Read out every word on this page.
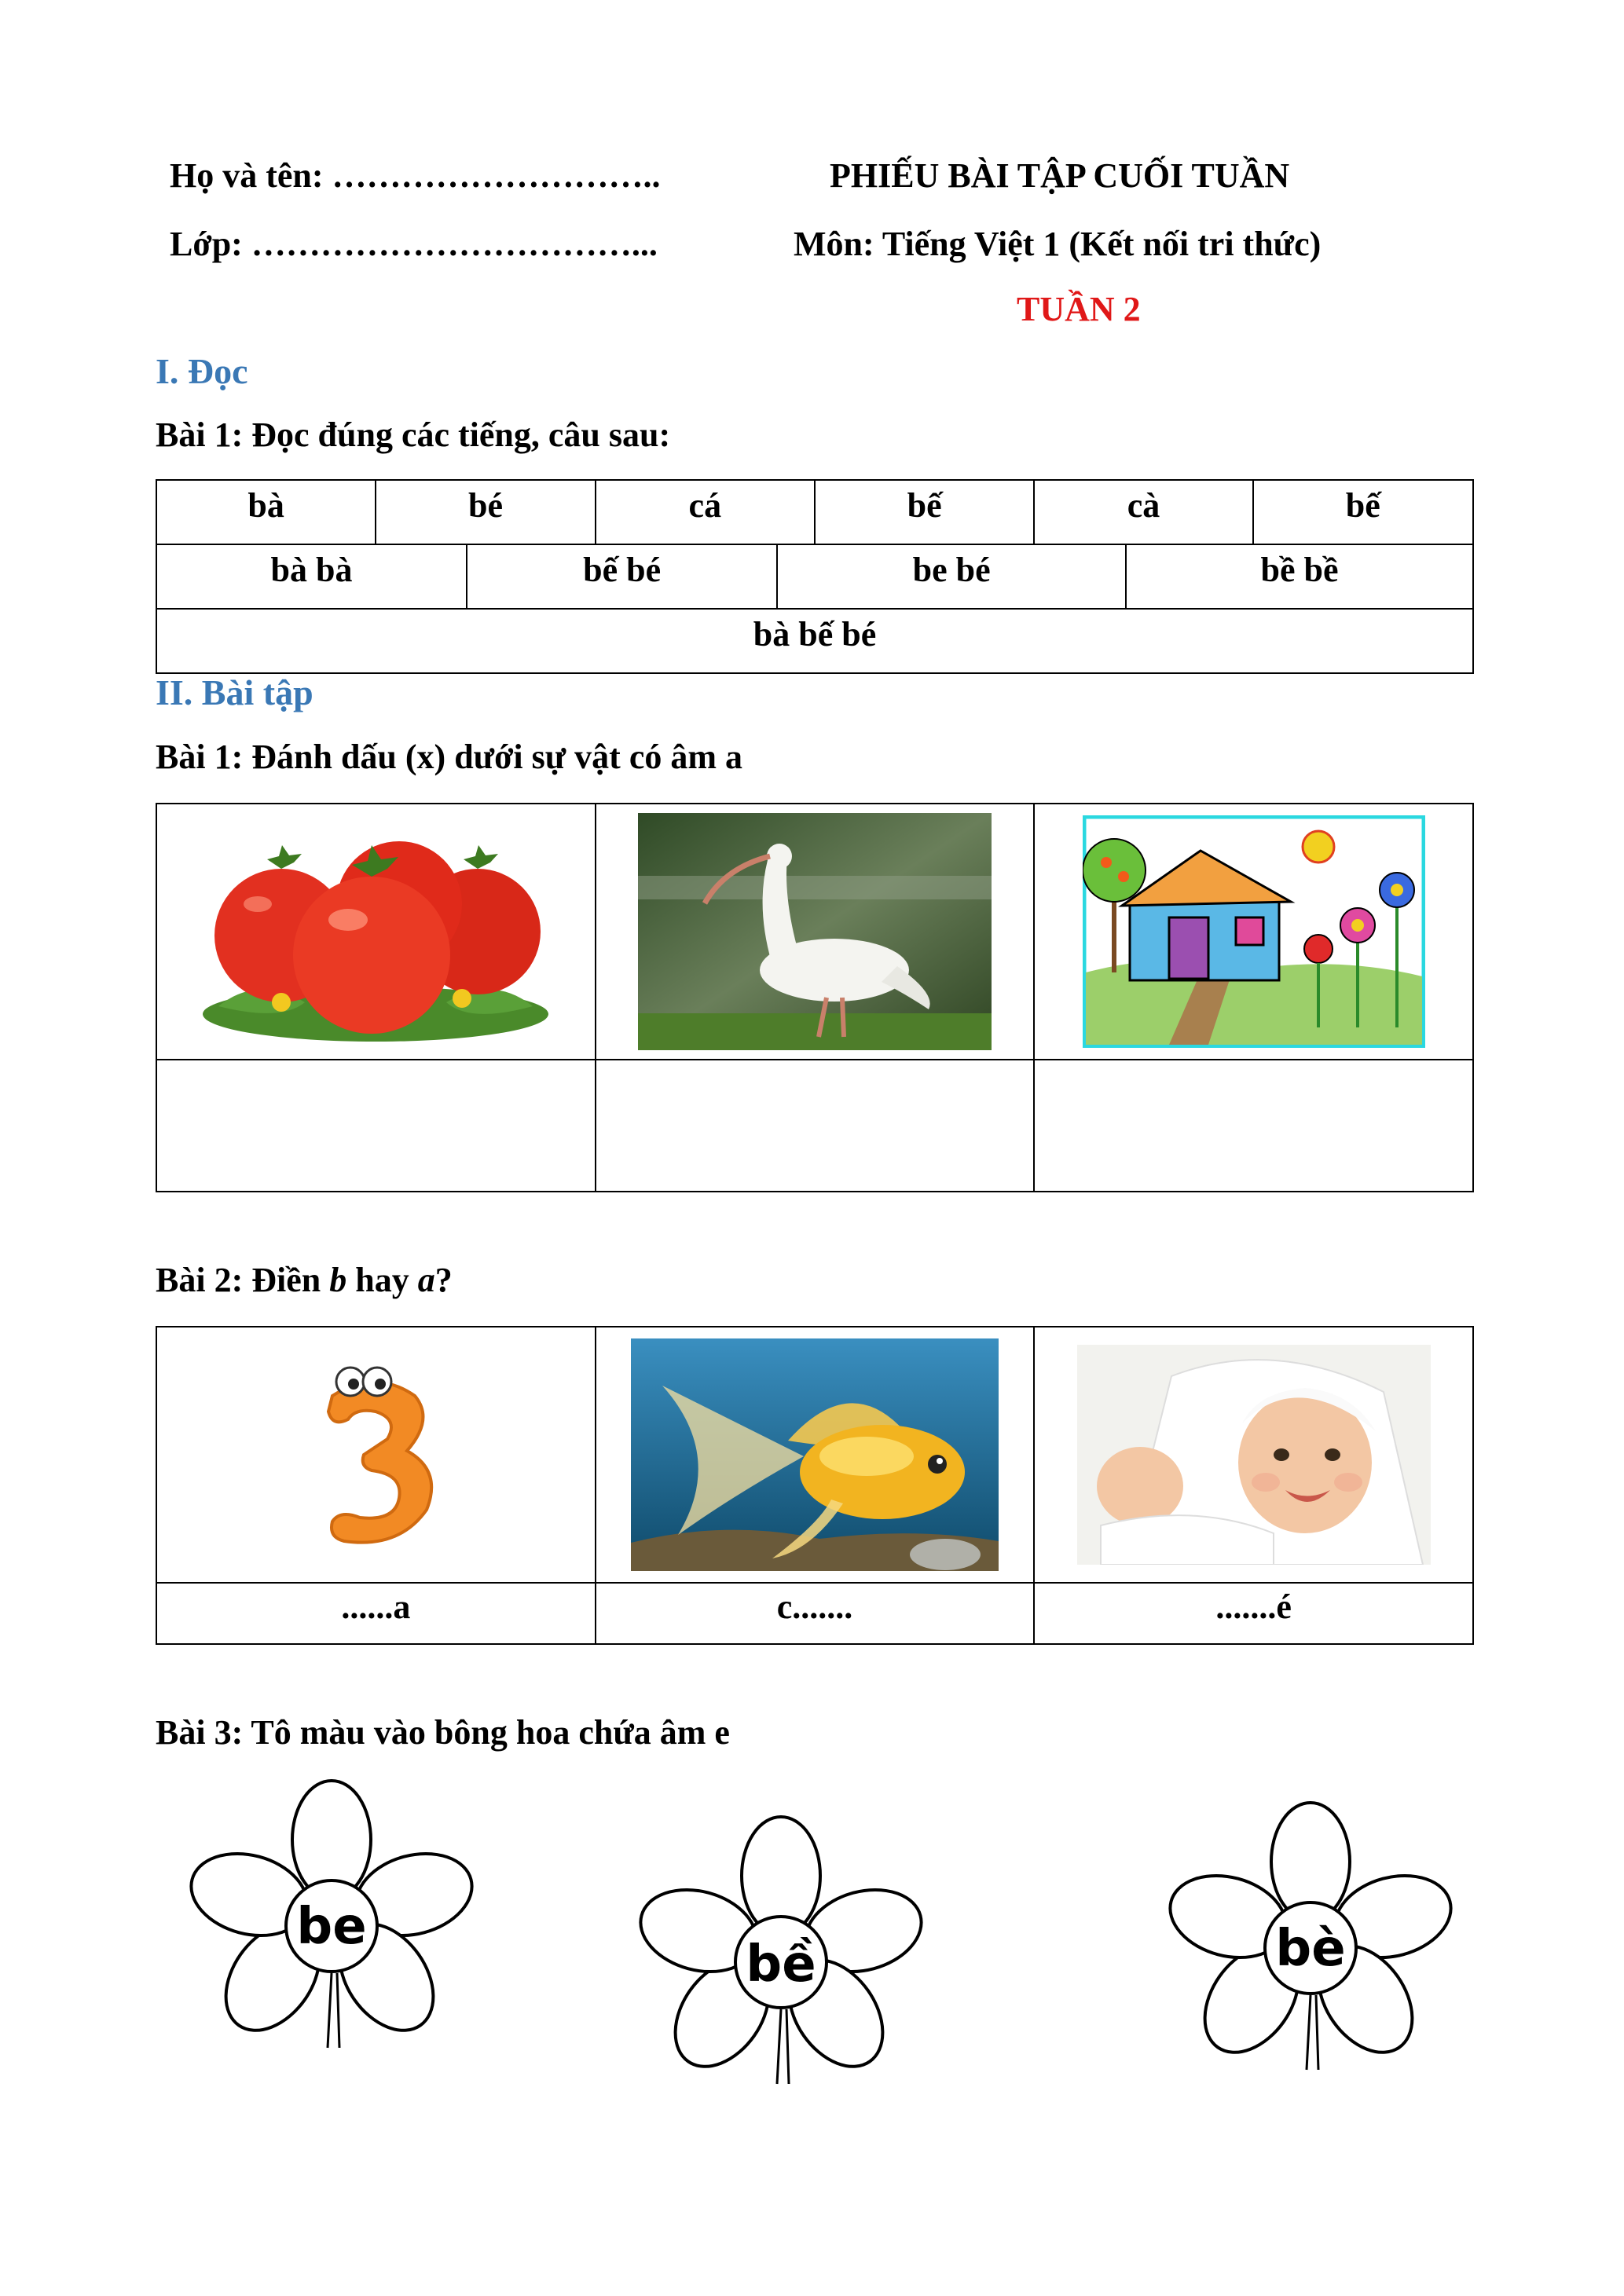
Họ và tên: ………………………..
Lớp: ……………………………...
PHIẾU BÀI TẬP CUỐI TUẦN
Môn: Tiếng Việt 1 (Kết nối tri thức)
TUẦN 2
I. Đọc
Bài 1: Đọc đúng các tiếng, câu sau:
bà	bé	cá	bế	cà	bế

bà bà	bế bé	be bé	bề bề

bà bế bé
II. Bài tập
Bài 1: Đánh dấu (x) dưới sự vật có âm a
Bài 2: Điền b hay a?
......a	c.......	.......é
Bài 3: Tô màu vào bông hoa chứa âm e
be
bề	bè
